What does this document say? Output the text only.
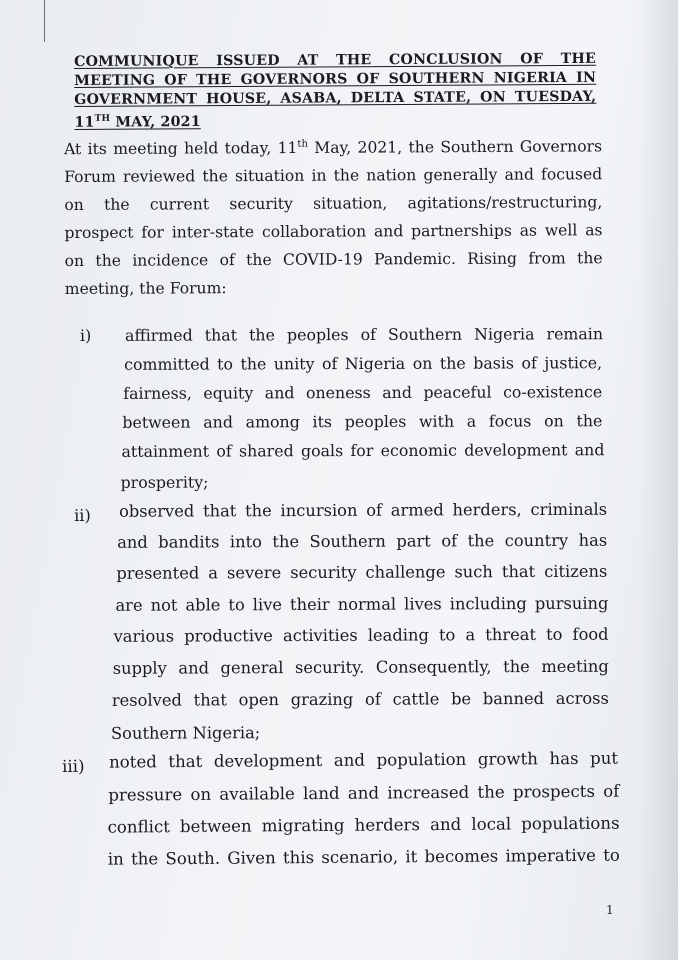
COMMUNIQUE ISSUED AT THE CONCLUSION OF THE
MEETING OF THE GOVERNORS OF SOUTHERN NIGERIA IN
GOVERNMENT HOUSE, ASABA, DELTA STATE, ON TUESDAY,
11TH MAY, 2021
At its meeting held today, 11th May, 2021, the Southern Governors
Forum reviewed the situation in the nation generally and focused
on the current security situation, agitations/restructuring,
prospect for inter-state collaboration and partnerships as well as
on the incidence of the COVID-19 Pandemic. Rising from the
meeting, the Forum:
i) affirmed that the peoples of Southern Nigeria remain
committed to the unity of Nigeria on the basis of justice,
fairness, equity and oneness and peaceful co-existence
between and among its peoples with a focus on the
attainment of shared goals for economic development and
prosperity;
ii) observed that the incursion of armed herders, criminals
and bandits into the Southern part of the country has
presented a severe security challenge such that citizens
are not able to live their normal lives including pursuing
various productive activities leading to a threat to food
supply and general security. Consequently, the meeting
resolved that open grazing of cattle be banned across
Southern Nigeria;
iii) noted that development and population growth has put
pressure on available land and increased the prospects of
conflict between migrating herders and local populations
in the South. Given this scenario, it becomes imperative to
1
